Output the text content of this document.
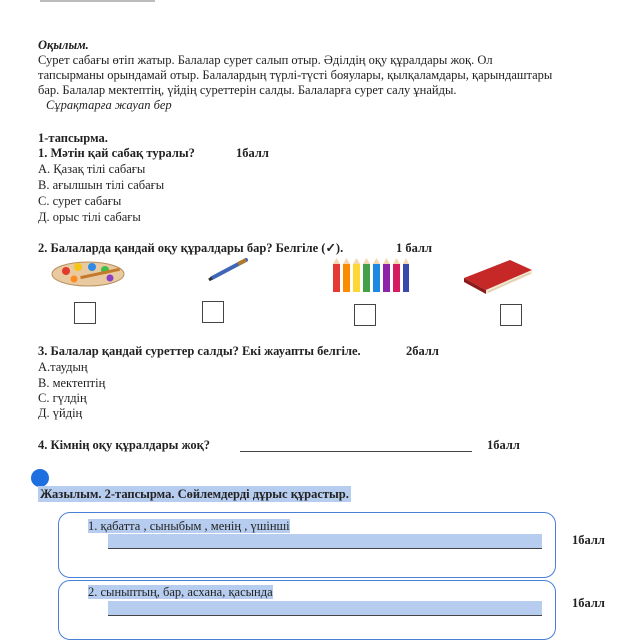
Оқылым.
Сурет сабағы өтіп жатыр. Балалар сурет салып отыр. Әділдің оқу құралдары жоқ. Ол
тапсырманы орындамай отыр. Балалардың түрлі-түсті бояулары, қылқаламдары, қарындаштары
бар. Балалар мектептің, үйдің суреттерін салды. Балаларға сурет салу ұнайды.
Сұрақтарға жауап бер
1-тапсырма.
1. Мәтін қай сабақ туралы?	1балл
А. Қазақ тілі сабағы
В. ағылшын тілі сабағы
С. сурет сабағы
Д. орыс тілі сабағы
2. Балаларда қандай оқу құралдары бар? Белгіле (✓).	1 балл
3. Балалар қандай суреттер салды? Екі жауапты белгіле.	2балл
А.таудың
В. мектептің
С. гүлдің
Д. үйдің
4. Кімнің оқу құралдары жоқ?	1балл
Жазылым. 2-тапсырма. Сөйлемдерді дұрыс құрастыр.
1. қабатта , сыныбым , менің , үшінші
1балл
2. сыныптың, бар, асхана, қасында
1балл
